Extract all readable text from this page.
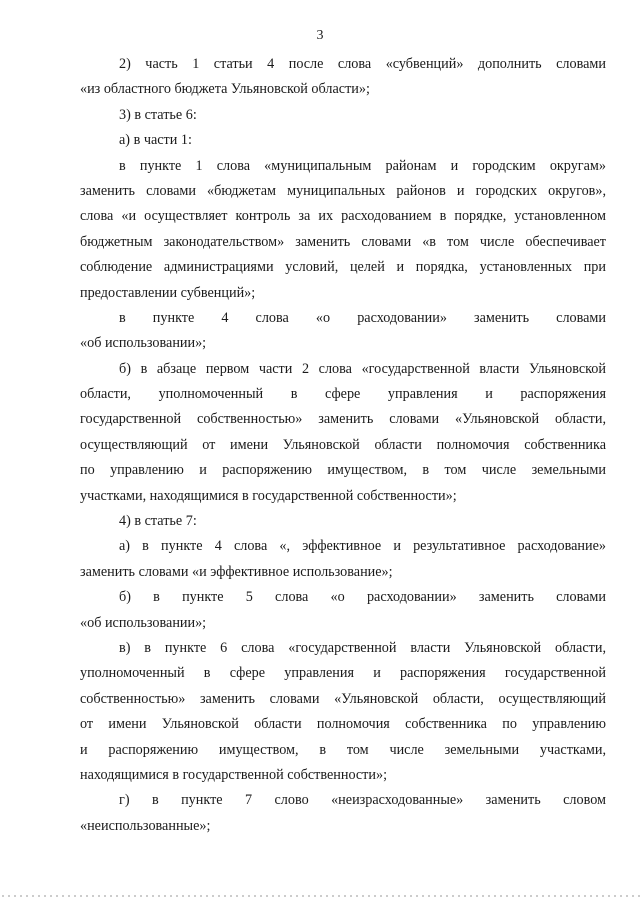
3
2) часть 1 статьи 4 после слова «субвенций» дополнить словами
«из областного бюджета Ульяновской области»;
3) в статье 6:
а) в части 1:
в пункте 1 слова «муниципальным районам и городским округам»
заменить словами «бюджетам муниципальных районов и городских округов»,
слова «и осуществляет контроль за их расходованием в порядке, установленном
бюджетным законодательством» заменить словами «в том числе обеспечивает
соблюдение администрациями условий, целей и порядка, установленных при
предоставлении субвенций»;
в пункте 4 слова «о расходовании» заменить словами
«об использовании»;
б) в абзаце первом части 2 слова «государственной власти Ульяновской
области, уполномоченный в сфере управления и распоряжения
государственной собственностью» заменить словами «Ульяновской области,
осуществляющий от имени Ульяновской области полномочия собственника
по управлению и распоряжению имуществом, в том числе земельными
участками, находящимися в государственной собственности»;
4) в статье 7:
а) в пункте 4 слова «, эффективное и результативное расходование»
заменить словами «и эффективное использование»;
б) в пункте 5 слова «о расходовании» заменить словами
«об использовании»;
в) в пункте 6 слова «государственной власти Ульяновской области,
уполномоченный в сфере управления и распоряжения государственной
собственностью» заменить словами «Ульяновской области, осуществляющий
от имени Ульяновской области полномочия собственника по управлению
и распоряжению имуществом, в том числе земельными участками,
находящимися в государственной собственности»;
г) в пункте 7 слово «неизрасходованные» заменить словом
«неиспользованные»;
